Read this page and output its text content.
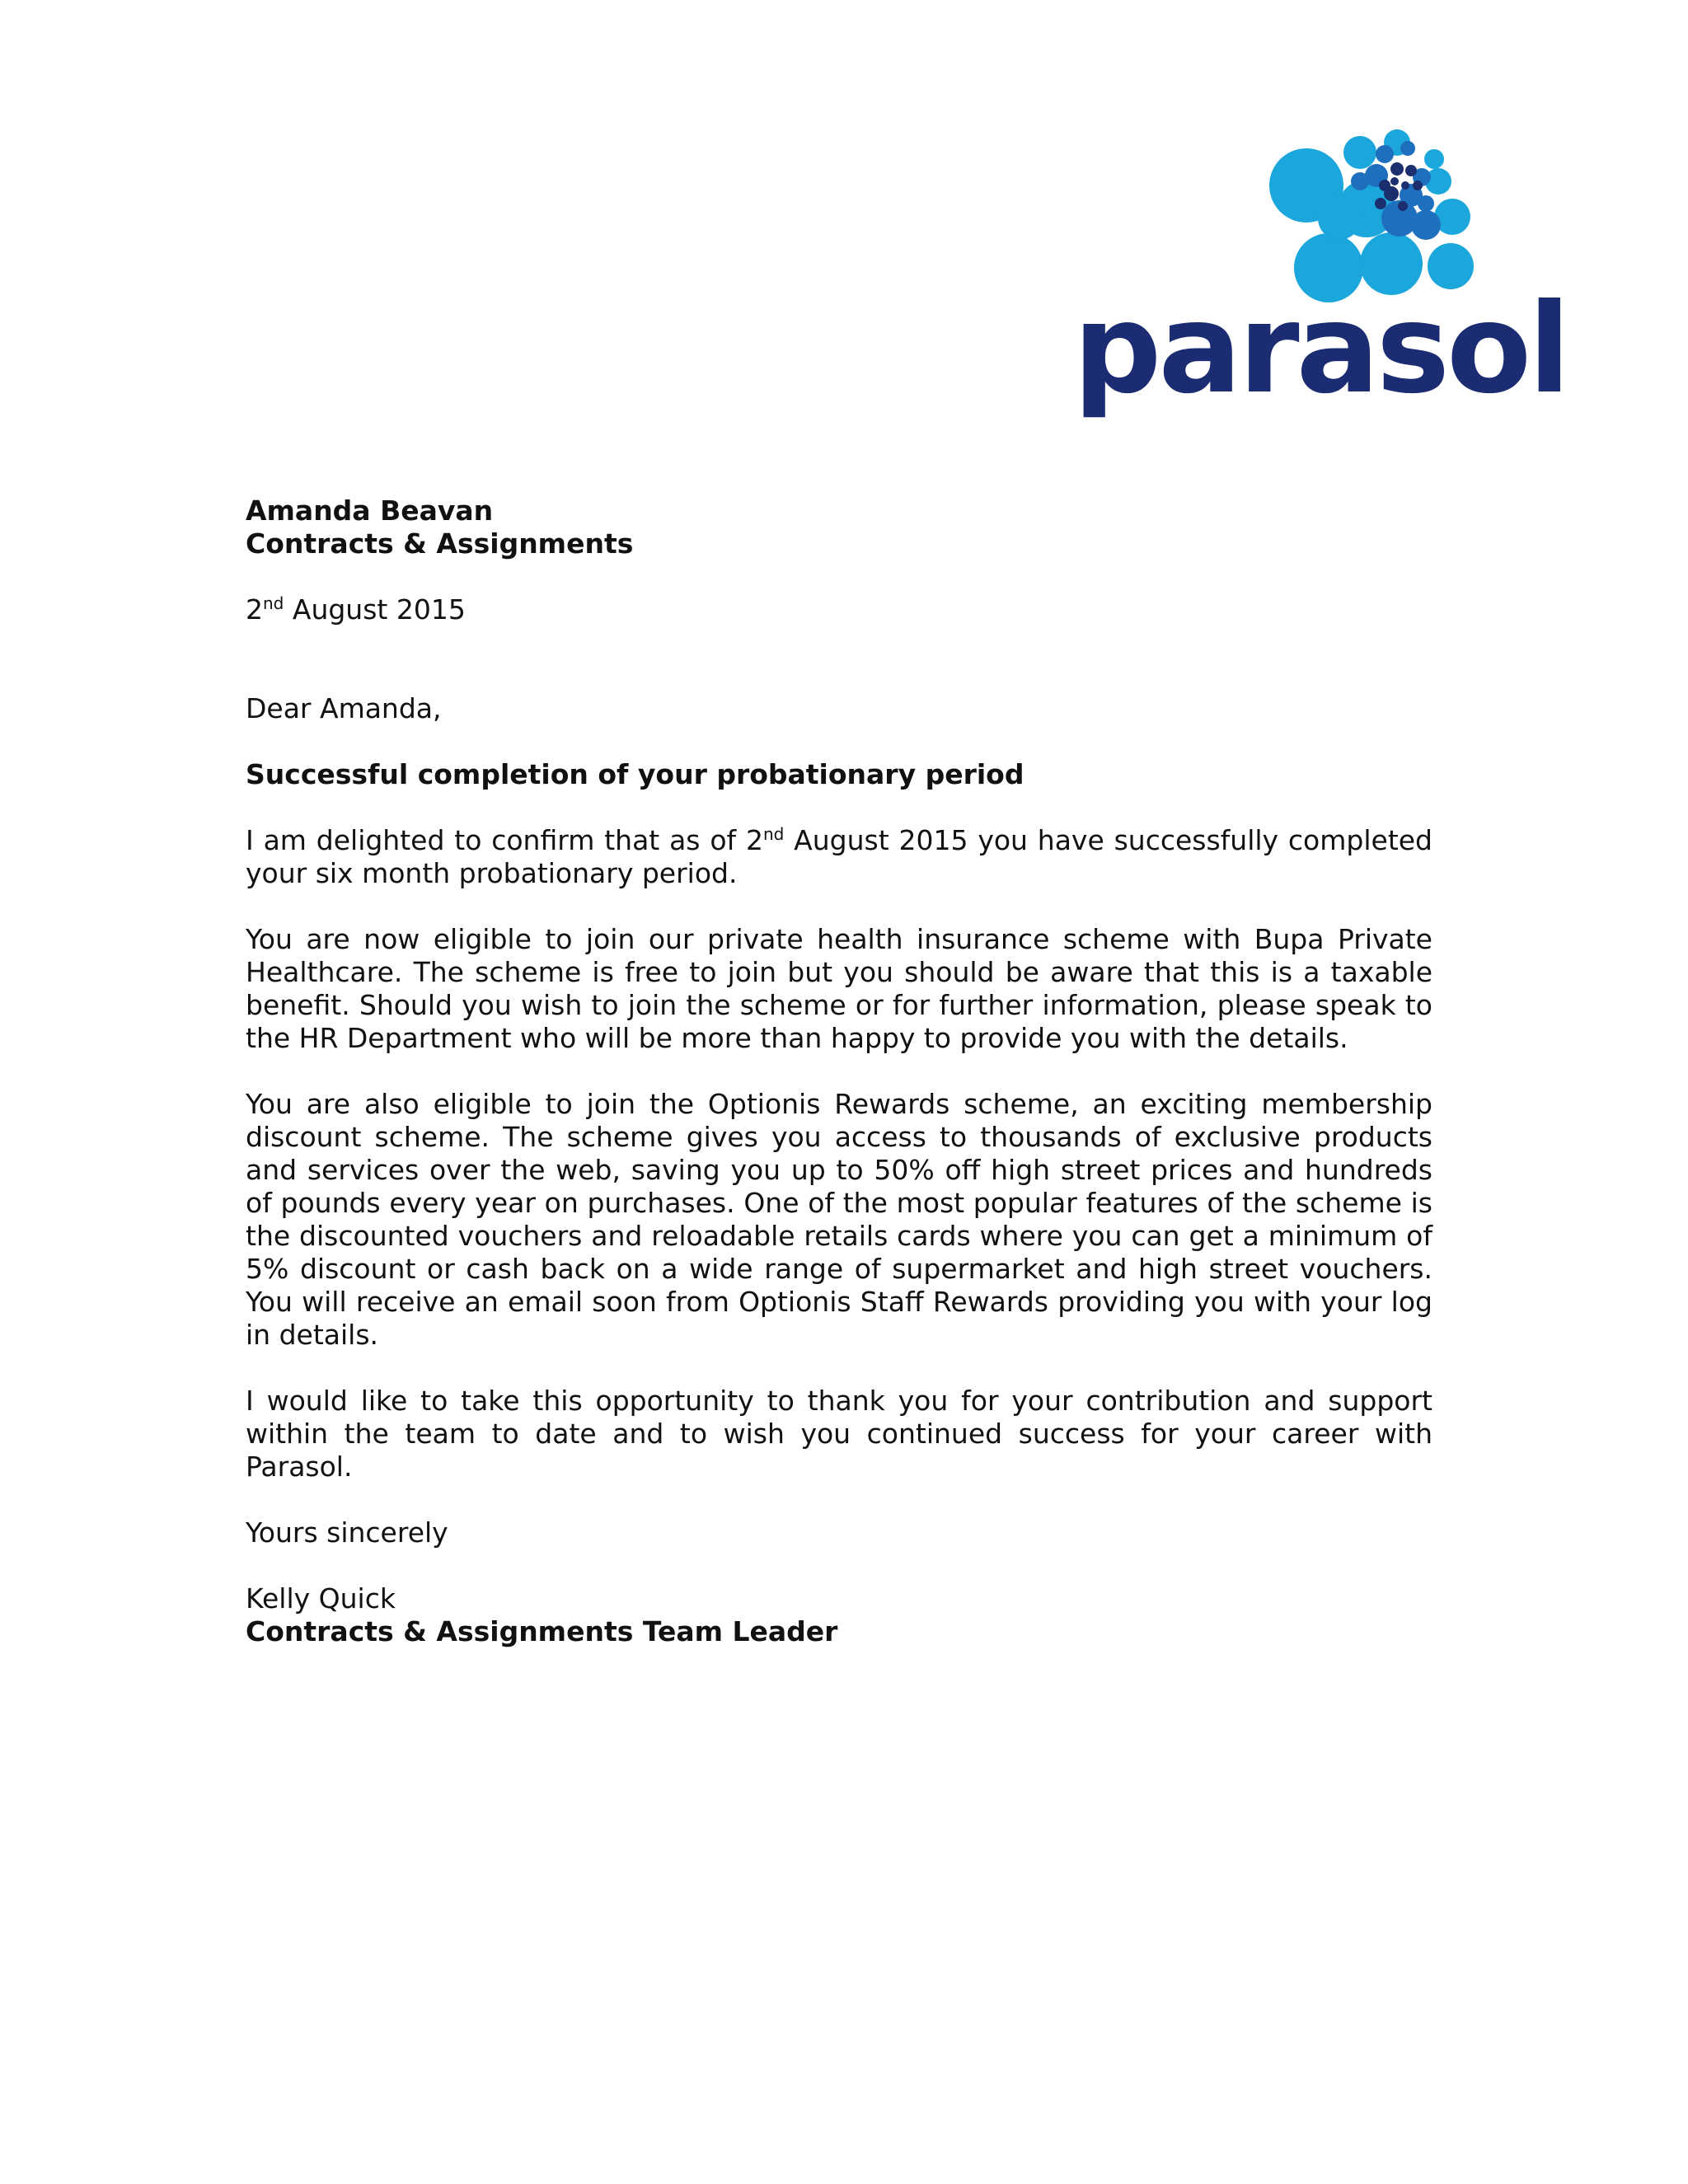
parasol
Amanda Beavan
Contracts & Assignments
2nd August 2015
Dear Amanda,
Successful completion of your probationary period

I am delighted to confirm that as of 2nd August 2015 you have successfully completed your six month probationary period.

You are now eligible to join our private health insurance scheme with Bupa Private Healthcare. The scheme is free to join but you should be aware that this is a taxable benefit. Should you wish to join the scheme or for further information, please speak to the HR Department who will be more than happy to provide you with the details.

You are also eligible to join the Optionis Rewards scheme, an exciting membership discount scheme. The scheme gives you access to thousands of exclusive products and services over the web, saving you up to 50% off high street prices and hundreds of pounds every year on purchases. One of the most popular features of the scheme is the discounted vouchers and reloadable retails cards where you can get a minimum of 5% discount or cash back on a wide range of supermarket and high street vouchers. You will receive an email soon from Optionis Staff Rewards providing you with your log in details.

I would like to take this opportunity to thank you for your contribution and support within the team to date and to wish you continued success for your career with Parasol.

Yours sincerely
Kelly Quick
Contracts & Assignments Team Leader
